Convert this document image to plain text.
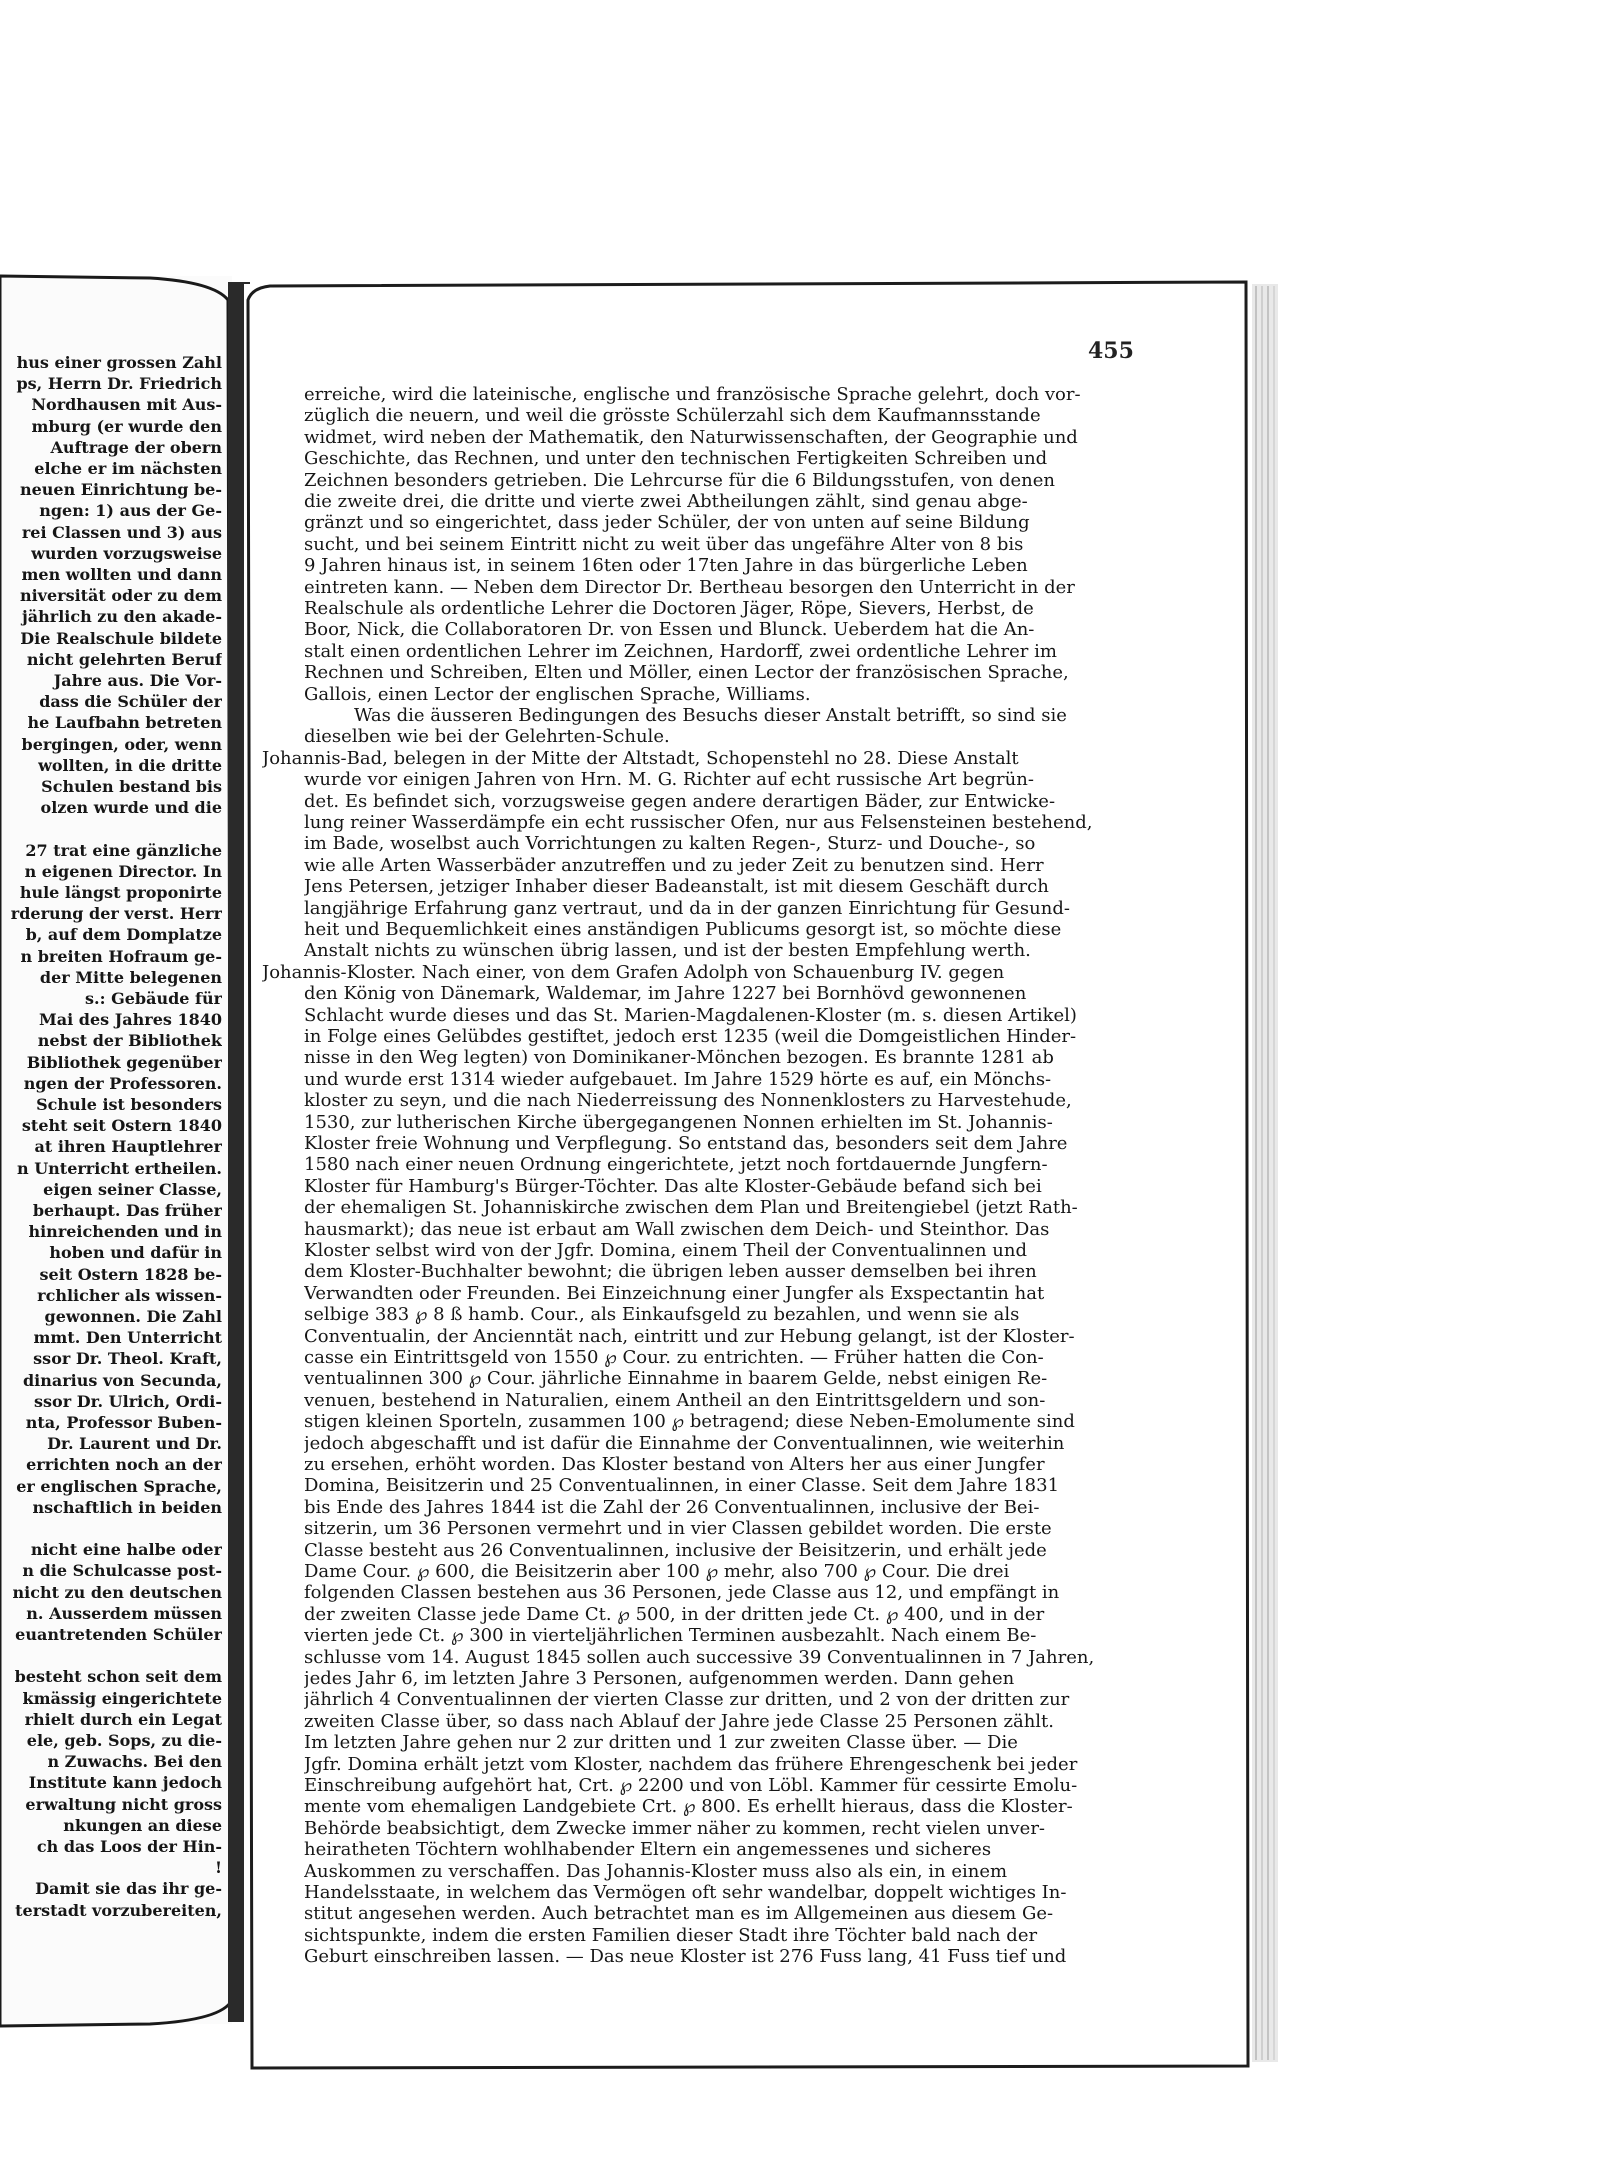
455
hus einer grossen Zahl
ps, Herrn Dr. Friedrich
Nordhausen mit Aus-
mburg (er wurde den
Auftrage der obern
elche er im nächsten
neuen Einrichtung be-
ngen: 1) aus der Ge-
rei Classen und 3) aus
wurden vorzugsweise
men wollten und dann
niversität oder zu dem
jährlich zu den akade-
Die Realschule bildete
nicht gelehrten Beruf
Jahre aus. Die Vor-
dass die Schüler der
he Laufbahn betreten
bergingen, oder, wenn
wollten, in die dritte
Schulen bestand bis
olzen wurde und die
27 trat eine gänzliche
n eigenen Director. In
hule längst proponirte
rderung der verst. Herr
b, auf dem Domplatze
n breiten Hofraum ge-
der Mitte belegenen
s.: Gebäude für
Mai des Jahres 1840
nebst der Bibliothek
Bibliothek gegenüber
ngen der Professoren.
Schule ist besonders
steht seit Ostern 1840
at ihren Hauptlehrer
n Unterricht ertheilen.
eigen seiner Classe,
berhaupt. Das früher
hinreichenden und in
hoben und dafür in
seit Ostern 1828 be-
rchlicher als wissen-
gewonnen. Die Zahl
mmt. Den Unterricht
ssor Dr. Theol. Kraft,
dinarius von Secunda,
ssor Dr. Ulrich, Ordi-
nta, Professor Buben-
Dr. Laurent und Dr.
errichten noch an der
er englischen Sprache,
nschaftlich in beiden
nicht eine halbe oder
n die Schulcasse post-
nicht zu den deutschen
n. Ausserdem müssen
euantretenden Schüler
besteht schon seit dem
kmässig eingerichtete
rhielt durch ein Legat
ele, geb. Sops, zu die-
n Zuwachs. Bei den
Institute kann jedoch
erwaltung nicht gross
nkungen an diese
ch das Loos der Hin-
!
Damit sie das ihr ge-
terstadt vorzubereiten,
erreiche, wird die lateinische, englische und französische Sprache gelehrt, doch vor-
züglich die neuern, und weil die grösste Schülerzahl sich dem Kaufmannsstande
widmet, wird neben der Mathematik, den Naturwissenschaften, der Geographie und
Geschichte, das Rechnen, und unter den technischen Fertigkeiten Schreiben und
Zeichnen besonders getrieben. Die Lehrcurse für die 6 Bildungsstufen, von denen
die zweite drei, die dritte und vierte zwei Abtheilungen zählt, sind genau abge-
gränzt und so eingerichtet, dass jeder Schüler, der von unten auf seine Bildung
sucht, und bei seinem Eintritt nicht zu weit über das ungefähre Alter von 8 bis
9 Jahren hinaus ist, in seinem 16ten oder 17ten Jahre in das bürgerliche Leben
eintreten kann. — Neben dem Director Dr. Bertheau besorgen den Unterricht in der
Realschule als ordentliche Lehrer die Doctoren Jäger, Röpe, Sievers, Herbst, de
Boor, Nick, die Collaboratoren Dr. von Essen und Blunck. Ueberdem hat die An-
stalt einen ordentlichen Lehrer im Zeichnen, Hardorff, zwei ordentliche Lehrer im
Rechnen und Schreiben, Elten und Möller, einen Lector der französischen Sprache,
Gallois, einen Lector der englischen Sprache, Williams.
Was die äusseren Bedingungen des Besuchs dieser Anstalt betrifft, so sind sie
dieselben wie bei der Gelehrten-Schule.
Johannis-Bad, belegen in der Mitte der Altstadt, Schopenstehl no 28. Diese Anstalt
wurde vor einigen Jahren von Hrn. M. G. Richter auf echt russische Art begrün-
det. Es befindet sich, vorzugsweise gegen andere derartigen Bäder, zur Entwicke-
lung reiner Wasserdämpfe ein echt russischer Ofen, nur aus Felsensteinen bestehend,
im Bade, woselbst auch Vorrichtungen zu kalten Regen-, Sturz- und Douche-, so
wie alle Arten Wasserbäder anzutreffen und zu jeder Zeit zu benutzen sind. Herr
Jens Petersen, jetziger Inhaber dieser Badeanstalt, ist mit diesem Geschäft durch
langjährige Erfahrung ganz vertraut, und da in der ganzen Einrichtung für Gesund-
heit und Bequemlichkeit eines anständigen Publicums gesorgt ist, so möchte diese
Anstalt nichts zu wünschen übrig lassen, und ist der besten Empfehlung werth.
Johannis-Kloster. Nach einer, von dem Grafen Adolph von Schauenburg IV. gegen
den König von Dänemark, Waldemar, im Jahre 1227 bei Bornhövd gewonnenen
Schlacht wurde dieses und das St. Marien-Magdalenen-Kloster (m. s. diesen Artikel)
in Folge eines Gelübdes gestiftet, jedoch erst 1235 (weil die Domgeistlichen Hinder-
nisse in den Weg legten) von Dominikaner-Mönchen bezogen. Es brannte 1281 ab
und wurde erst 1314 wieder aufgebauet. Im Jahre 1529 hörte es auf, ein Mönchs-
kloster zu seyn, und die nach Niederreissung des Nonnenklosters zu Harvestehude,
1530, zur lutherischen Kirche übergegangenen Nonnen erhielten im St. Johannis-
Kloster freie Wohnung und Verpflegung. So entstand das, besonders seit dem Jahre
1580 nach einer neuen Ordnung eingerichtete, jetzt noch fortdauernde Jungfern-
Kloster für Hamburg's Bürger-Töchter. Das alte Kloster-Gebäude befand sich bei
der ehemaligen St. Johanniskirche zwischen dem Plan und Breitengiebel (jetzt Rath-
hausmarkt); das neue ist erbaut am Wall zwischen dem Deich- und Steinthor. Das
Kloster selbst wird von der Jgfr. Domina, einem Theil der Conventualinnen und
dem Kloster-Buchhalter bewohnt; die übrigen leben ausser demselben bei ihren
Verwandten oder Freunden. Bei Einzeichnung einer Jungfer als Exspectantin hat
selbige 383 ℘ 8 ß hamb. Cour., als Einkaufsgeld zu bezahlen, und wenn sie als
Conventualin, der Ancienntät nach, eintritt und zur Hebung gelangt, ist der Kloster-
casse ein Eintrittsgeld von 1550 ℘ Cour. zu entrichten. — Früher hatten die Con-
ventualinnen 300 ℘ Cour. jährliche Einnahme in baarem Gelde, nebst einigen Re-
venuen, bestehend in Naturalien, einem Antheil an den Eintrittsgeldern und son-
stigen kleinen Sporteln, zusammen 100 ℘ betragend; diese Neben-Emolumente sind
jedoch abgeschafft und ist dafür die Einnahme der Conventualinnen, wie weiterhin
zu ersehen, erhöht worden. Das Kloster bestand von Alters her aus einer Jungfer
Domina, Beisitzerin und 25 Conventualinnen, in einer Classe. Seit dem Jahre 1831
bis Ende des Jahres 1844 ist die Zahl der 26 Conventualinnen, inclusive der Bei-
sitzerin, um 36 Personen vermehrt und in vier Classen gebildet worden. Die erste
Classe besteht aus 26 Conventualinnen, inclusive der Beisitzerin, und erhält jede
Dame Cour. ℘ 600, die Beisitzerin aber 100 ℘ mehr, also 700 ℘ Cour. Die drei
folgenden Classen bestehen aus 36 Personen, jede Classe aus 12, und empfängt in
der zweiten Classe jede Dame Ct. ℘ 500, in der dritten jede Ct. ℘ 400, und in der
vierten jede Ct. ℘ 300 in vierteljährlichen Terminen ausbezahlt. Nach einem Be-
schlusse vom 14. August 1845 sollen auch successive 39 Conventualinnen in 7 Jahren,
jedes Jahr 6, im letzten Jahre 3 Personen, aufgenommen werden. Dann gehen
jährlich 4 Conventualinnen der vierten Classe zur dritten, und 2 von der dritten zur
zweiten Classe über, so dass nach Ablauf der Jahre jede Classe 25 Personen zählt.
Im letzten Jahre gehen nur 2 zur dritten und 1 zur zweiten Classe über. — Die
Jgfr. Domina erhält jetzt vom Kloster, nachdem das frühere Ehrengeschenk bei jeder
Einschreibung aufgehört hat, Crt. ℘ 2200 und von Löbl. Kammer für cessirte Emolu-
mente vom ehemaligen Landgebiete Crt. ℘ 800. Es erhellt hieraus, dass die Kloster-
Behörde beabsichtigt, dem Zwecke immer näher zu kommen, recht vielen unver-
heiratheten Töchtern wohlhabender Eltern ein angemessenes und sicheres
Auskommen zu verschaffen. Das Johannis-Kloster muss also als ein, in einem
Handelsstaate, in welchem das Vermögen oft sehr wandelbar, doppelt wichtiges In-
stitut angesehen werden. Auch betrachtet man es im Allgemeinen aus diesem Ge-
sichtspunkte, indem die ersten Familien dieser Stadt ihre Töchter bald nach der
Geburt einschreiben lassen. — Das neue Kloster ist 276 Fuss lang, 41 Fuss tief und
